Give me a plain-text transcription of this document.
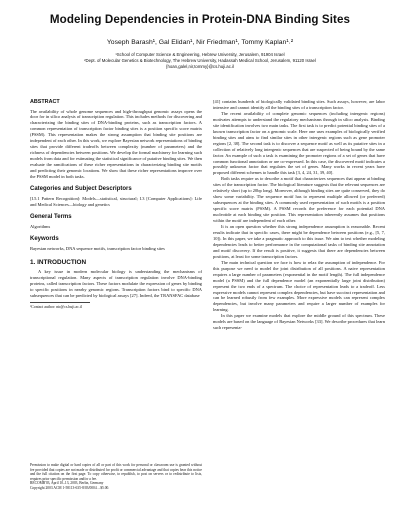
Modeling Dependencies in Protein-DNA Binding Sites
Yoseph Barash¹, Gal Elidan¹, Nir Friedman¹, Tommy Kaplan¹˒²
¹School of Computer Science & Engineering, Hebrew University, Jerusalem, 91904 Israel
²Dept. of Molecular Genetics & Biotechnology, The Hebrew University, Hadassah Medical School, Jerusalem, 91120 Israel
{hoan,galel,nir,tommy}@cs.huji.ac.il
ABSTRACT

The availability of whole genome sequences and high-throughput genomic assays opens the door for in silico analysis of transcription regulation. This includes methods for discovering and characterizing the binding sites of DNA-binding proteins, such as transcription factors. A common representation of transcription factor binding sites is a position specific score matrix (PSSM). This representation makes the strong assumption that binding site positions are independent of each other. In this work, we explore Bayesian network representations of binding sites that provide different tradeoffs between complexity (number of parameters) and the richness of dependencies between positions. We develop the formal machinery for learning such models from data and for estimating the statistical significance of putative binding sites. We then evaluate the ramifications of these richer representations in characterizing binding site motifs and predicting their genomic locations. We show that these richer representations improve over the PSSM model in both tasks.

Categories and Subject Descriptors

[I.5.1 Pattern Recognition]: Models—statistical, structural; I.3 [Computer Applications]: Life and Medical Sciences—biology and genetics

General Terms

Algorithms

Keywords

Bayesian networks, DNA sequence motifs, transcription factor binding sites

1. INTRODUCTION

A key issue in modern molecular biology is understanding the mechanisms of transcriptional regulation. Many aspects of transcription regulation involve DNA-binding proteins, called transcription factors. These factors modulate the expression of genes by binding to specific positions in nearby genomic regions. Transcription factors bind to specific DNA subsequences that can be predicted by biological assays [27]. Indeed, the TRANSFAC database

²Contact author: nir@cs.huji.ac.il

Permission to make digital or hard copies of all or part of this work for personal or classroom use is granted without fee provided that copies are not made or distributed for profit or commercial advantage and that copies bear this notice and the full citation on the first page. To copy otherwise, to republish, to post on servers or to redistribute to lists, requires prior specific permission and/or a fee.

RECOMB'03, April 10–13, 2003, Berlin, Germany

Copyright 2003 ACM 1-58113-635-8/03/0004 ...$5.00.

[41] contains hundreds of biologically validated binding sites. Such assays, however, are labor intensive and cannot identify all the binding sites of a transcription factor.

The recent availability of complete genomic sequences (including intergenic regions) motivates attempts to understand the regulatory mechanisms through in silico analysis. Binding site identification involves two main tasks. The first task is to predict potential binding sites of a known transcription factor on a genomic scale. Here one uses examples of biologically verified binding sites and aims to find similar sites in other intergenic regions such as gene promoter regions [2, 38]. The second task is to discover a sequence motif as well as its putative sites in a collection of relatively long intergenic sequences that are suspected of being bound by the same factor. An example of such a task is examining the promoter regions of a set of genes that have common functional annotation or are co-expressed. In this case, the discovered motif indicates a possibly unknown factor that regulates the set of genes. Many works in recent years have proposed different schemes to handle this task [3, 4, 24, 31, 39, 40].

Both tasks require us to describe a motif that characterizes sequences that appear at binding sites of the transcription factor. The biological literature suggests that the relevant sequences are relatively short (up to 20bp long). Moreover, although binding sites are quite conserved, they do show some variability. The sequence motif has to represent multiple allowed (or preferred) subsequences at the binding sites. A commonly used representation of such motifs is a position specific score matrix (PSSM). A PSSM records the preference for each potential DNA nucleotide at each binding site position. This representation inherently assumes that positions within the motif are independent of each other.

It is an open question whether this strong independence assumption is reasonable. Recent results indicate that in specific cases, there might be dependence between positions (e.g., [5, 7, 10]). In this paper, we take a pragmatic approach to this issue. We aim to test whether modeling dependencies leads to better performance in the computational tasks of binding site annotation and motif discovery. If the result is positive, it suggests that there are dependencies between positions, at least for some transcription factors.

The main technical question we face is how to relax the assumption of independence. For this purpose we need to model the joint distribution of all positions. A naive representation requires a large number of parameters (exponential in the motif length). The full independence model (a PSSM) and the full dependence model (an exponentially large joint distribution) represent the two ends of a spectrum. The choice of representation leads to a tradeoff. Less expressive models cannot represent complex dependencies, but have succinct representation and can be learned robustly from few examples. More expressive models can represent complex dependencies, but involve many parameters and require a larger number of examples for learning.

In this paper we examine models that explore the middle ground of this spectrum. These models are based on the language of Bayesian Networks [33]. We describe procedures that learn such representa-
